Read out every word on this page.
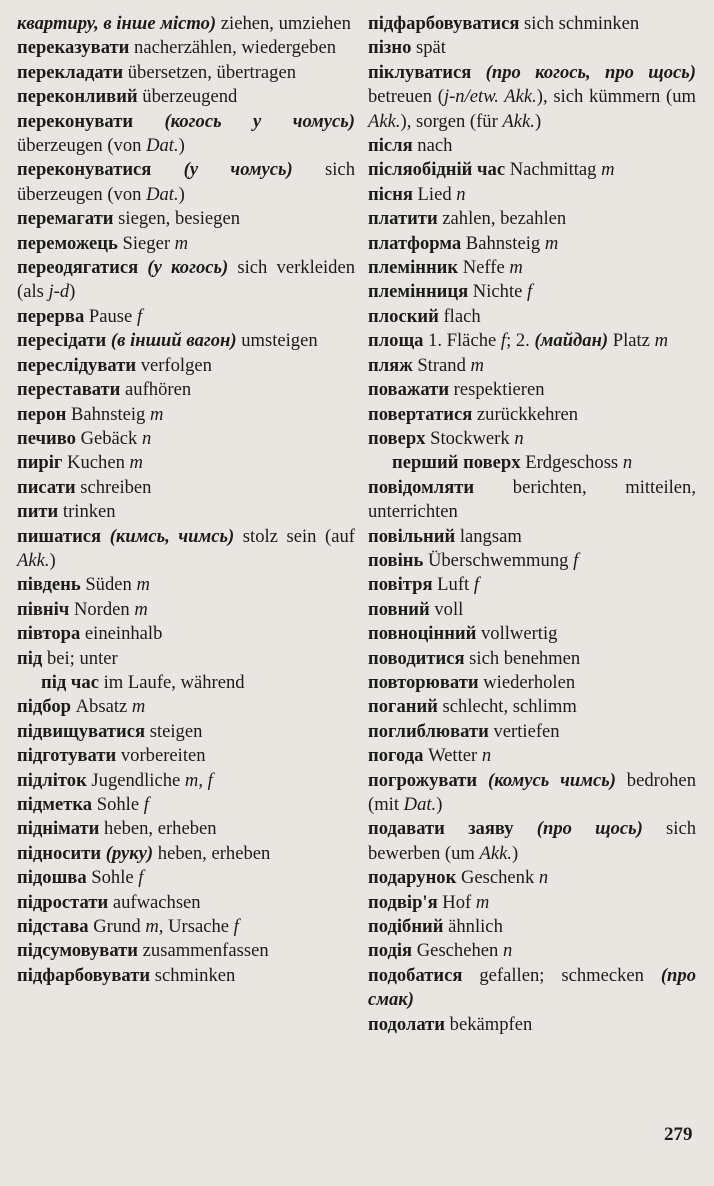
квартиру, в інше місто) ziehen, umziehen
переказувати nacherzählen, wiedergeben
перекладати übersetzen, übertragen
переконливий überzeugend
переконувати (когось у чомусь) überzeugen (von Dat.)
переконуватися (у чомусь) sich überzeugen (von Dat.)
перемагати siegen, besiegen
переможець Sieger m
переодягатися (у когось) sich verkleiden (als j-d)
перерва Pause f
пересідати (в інший вагон) umsteigen
переслідувати verfolgen
переставати aufhören
перон Bahnsteig m
печиво Gebäck n
пиріг Kuchen m
писати schreiben
пити trinken
пишатися (кимсь, чимсь) stolz sein (auf Akk.)
південь Süden m
північ Norden m
півтора eineinhalb
під bei; unter
під час im Laufe, während
підбор Absatz m
підвищуватися steigen
підготувати vorbereiten
підліток Jugendliche m, f
підметка Sohle f
піднімати heben, erheben
підносити (руку) heben, erheben
підошва Sohle f
підростати aufwachsen
підстава Grund m, Ursache f
підсумовувати zusammenfassen
підфарбовувати schminken
підфарбовуватися sich schminken
пізно spät
піклуватися (про когось, про щось) betreuen (j-n/etw. Akk.), sich kümmern (um Akk.), sorgen (für Akk.)
після nach
післяобідній час Nachmittag m
пісня Lied n
платити zahlen, bezahlen
платформа Bahnsteig m
племінник Neffe m
племінниця Nichte f
плоский flach
площа 1. Fläche f; 2. (майдан) Platz m
пляж Strand m
поважати respektieren
повертатися zurückkehren
поверх Stockwerk n
перший поверх Erdgeschoss n
повідомляти berichten, mitteilen, unterrichten
повільний langsam
повінь Überschwemmung f
повітря Luft f
повний voll
повноцінний vollwertig
поводитися sich benehmen
повторювати wiederholen
поганий schlecht, schlimm
поглиблювати vertiefen
погода Wetter n
погрожувати (комусь чимсь) bedrohen (mit Dat.)
подавати заяву (про щось) sich bewerben (um Akk.)
подарунок Geschenk n
подвір'я Hof m
подібний ähnlich
подія Geschehen n
подобатися gefallen; schmecken (про смак)
подолати bekämpfen
279
